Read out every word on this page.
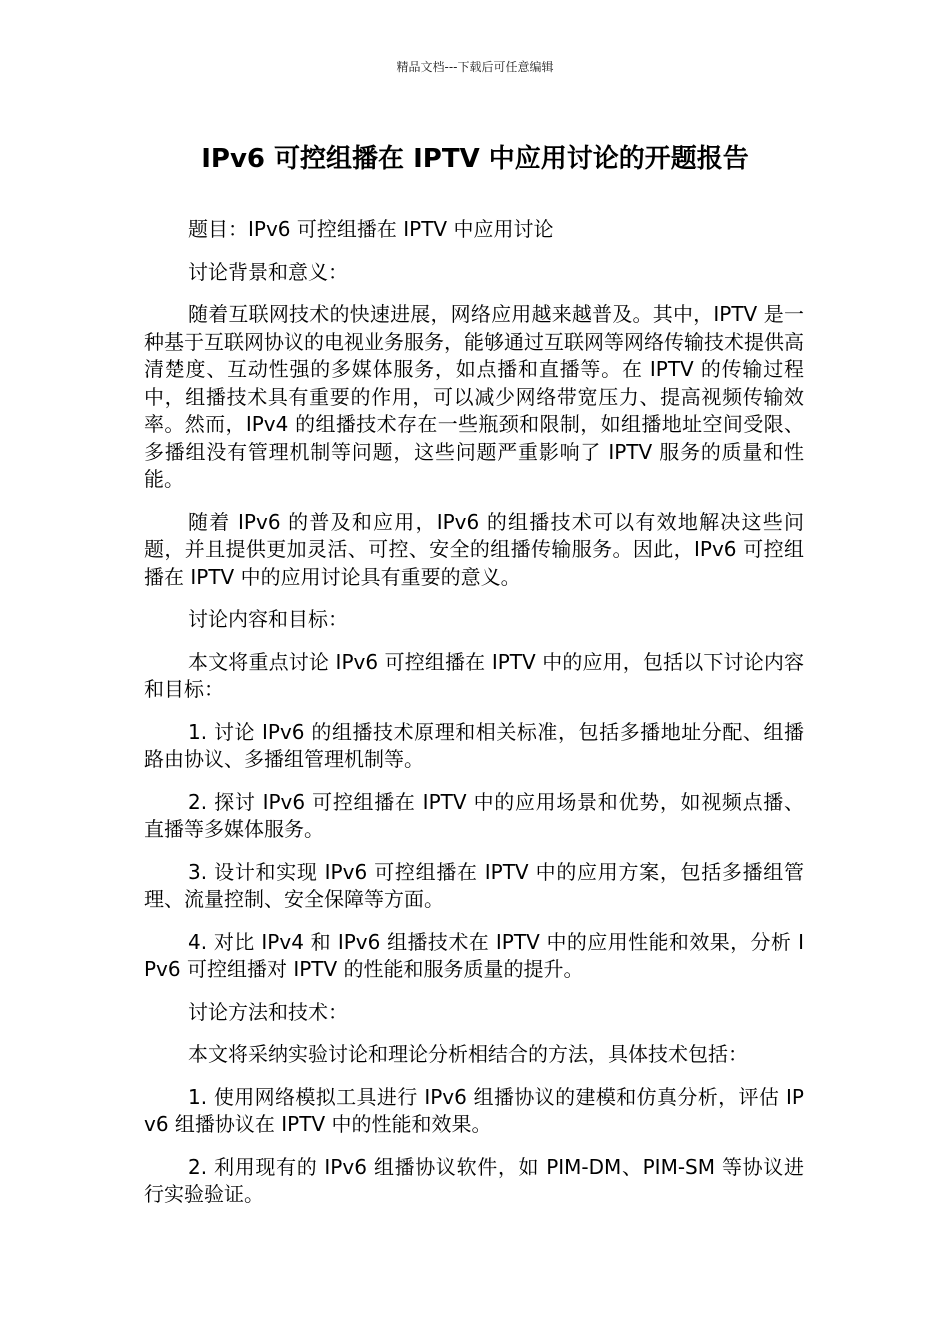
精品文档---下载后可任意编辑
IPv6 可控组播在 IPTV 中应用讨论的开题报告

题目：IPv6 可控组播在 IPTV 中应用讨论

讨论背景和意义：

随着互联网技术的快速进展，网络应用越来越普及。其中，IPTV 是一种基于互联网协议的电视业务服务，能够通过互联网等网络传输技术提供高清楚度、互动性强的多媒体服务，如点播和直播等。在 IPTV 的传输过程中，组播技术具有重要的作用，可以减少网络带宽压力、提高视频传输效率。然而，IPv4 的组播技术存在一些瓶颈和限制，如组播地址空间受限、多播组没有管理机制等问题，这些问题严重影响了 IPTV 服务的质量和性能。

随着 IPv6 的普及和应用，IPv6 的组播技术可以有效地解决这些问题，并且提供更加灵活、可控、安全的组播传输服务。因此，IPv6 可控组播在 IPTV 中的应用讨论具有重要的意义。

讨论内容和目标：

本文将重点讨论 IPv6 可控组播在 IPTV 中的应用，包括以下讨论内容和目标：

1. 讨论 IPv6 的组播技术原理和相关标准，包括多播地址分配、组播路由协议、多播组管理机制等。

2. 探讨 IPv6 可控组播在 IPTV 中的应用场景和优势，如视频点播、直播等多媒体服务。

3. 设计和实现 IPv6 可控组播在 IPTV 中的应用方案，包括多播组管理、流量控制、安全保障等方面。

4. 对比 IPv4 和 IPv6 组播技术在 IPTV 中的应用性能和效果，分析 IPv6 可控组播对 IPTV 的性能和服务质量的提升。

讨论方法和技术：

本文将采纳实验讨论和理论分析相结合的方法，具体技术包括：

1. 使用网络模拟工具进行 IPv6 组播协议的建模和仿真分析，评估 IPv6 组播协议在 IPTV 中的性能和效果。

2. 利用现有的 IPv6 组播协议软件，如 PIM-DM、PIM-SM 等协议进行实验验证。
